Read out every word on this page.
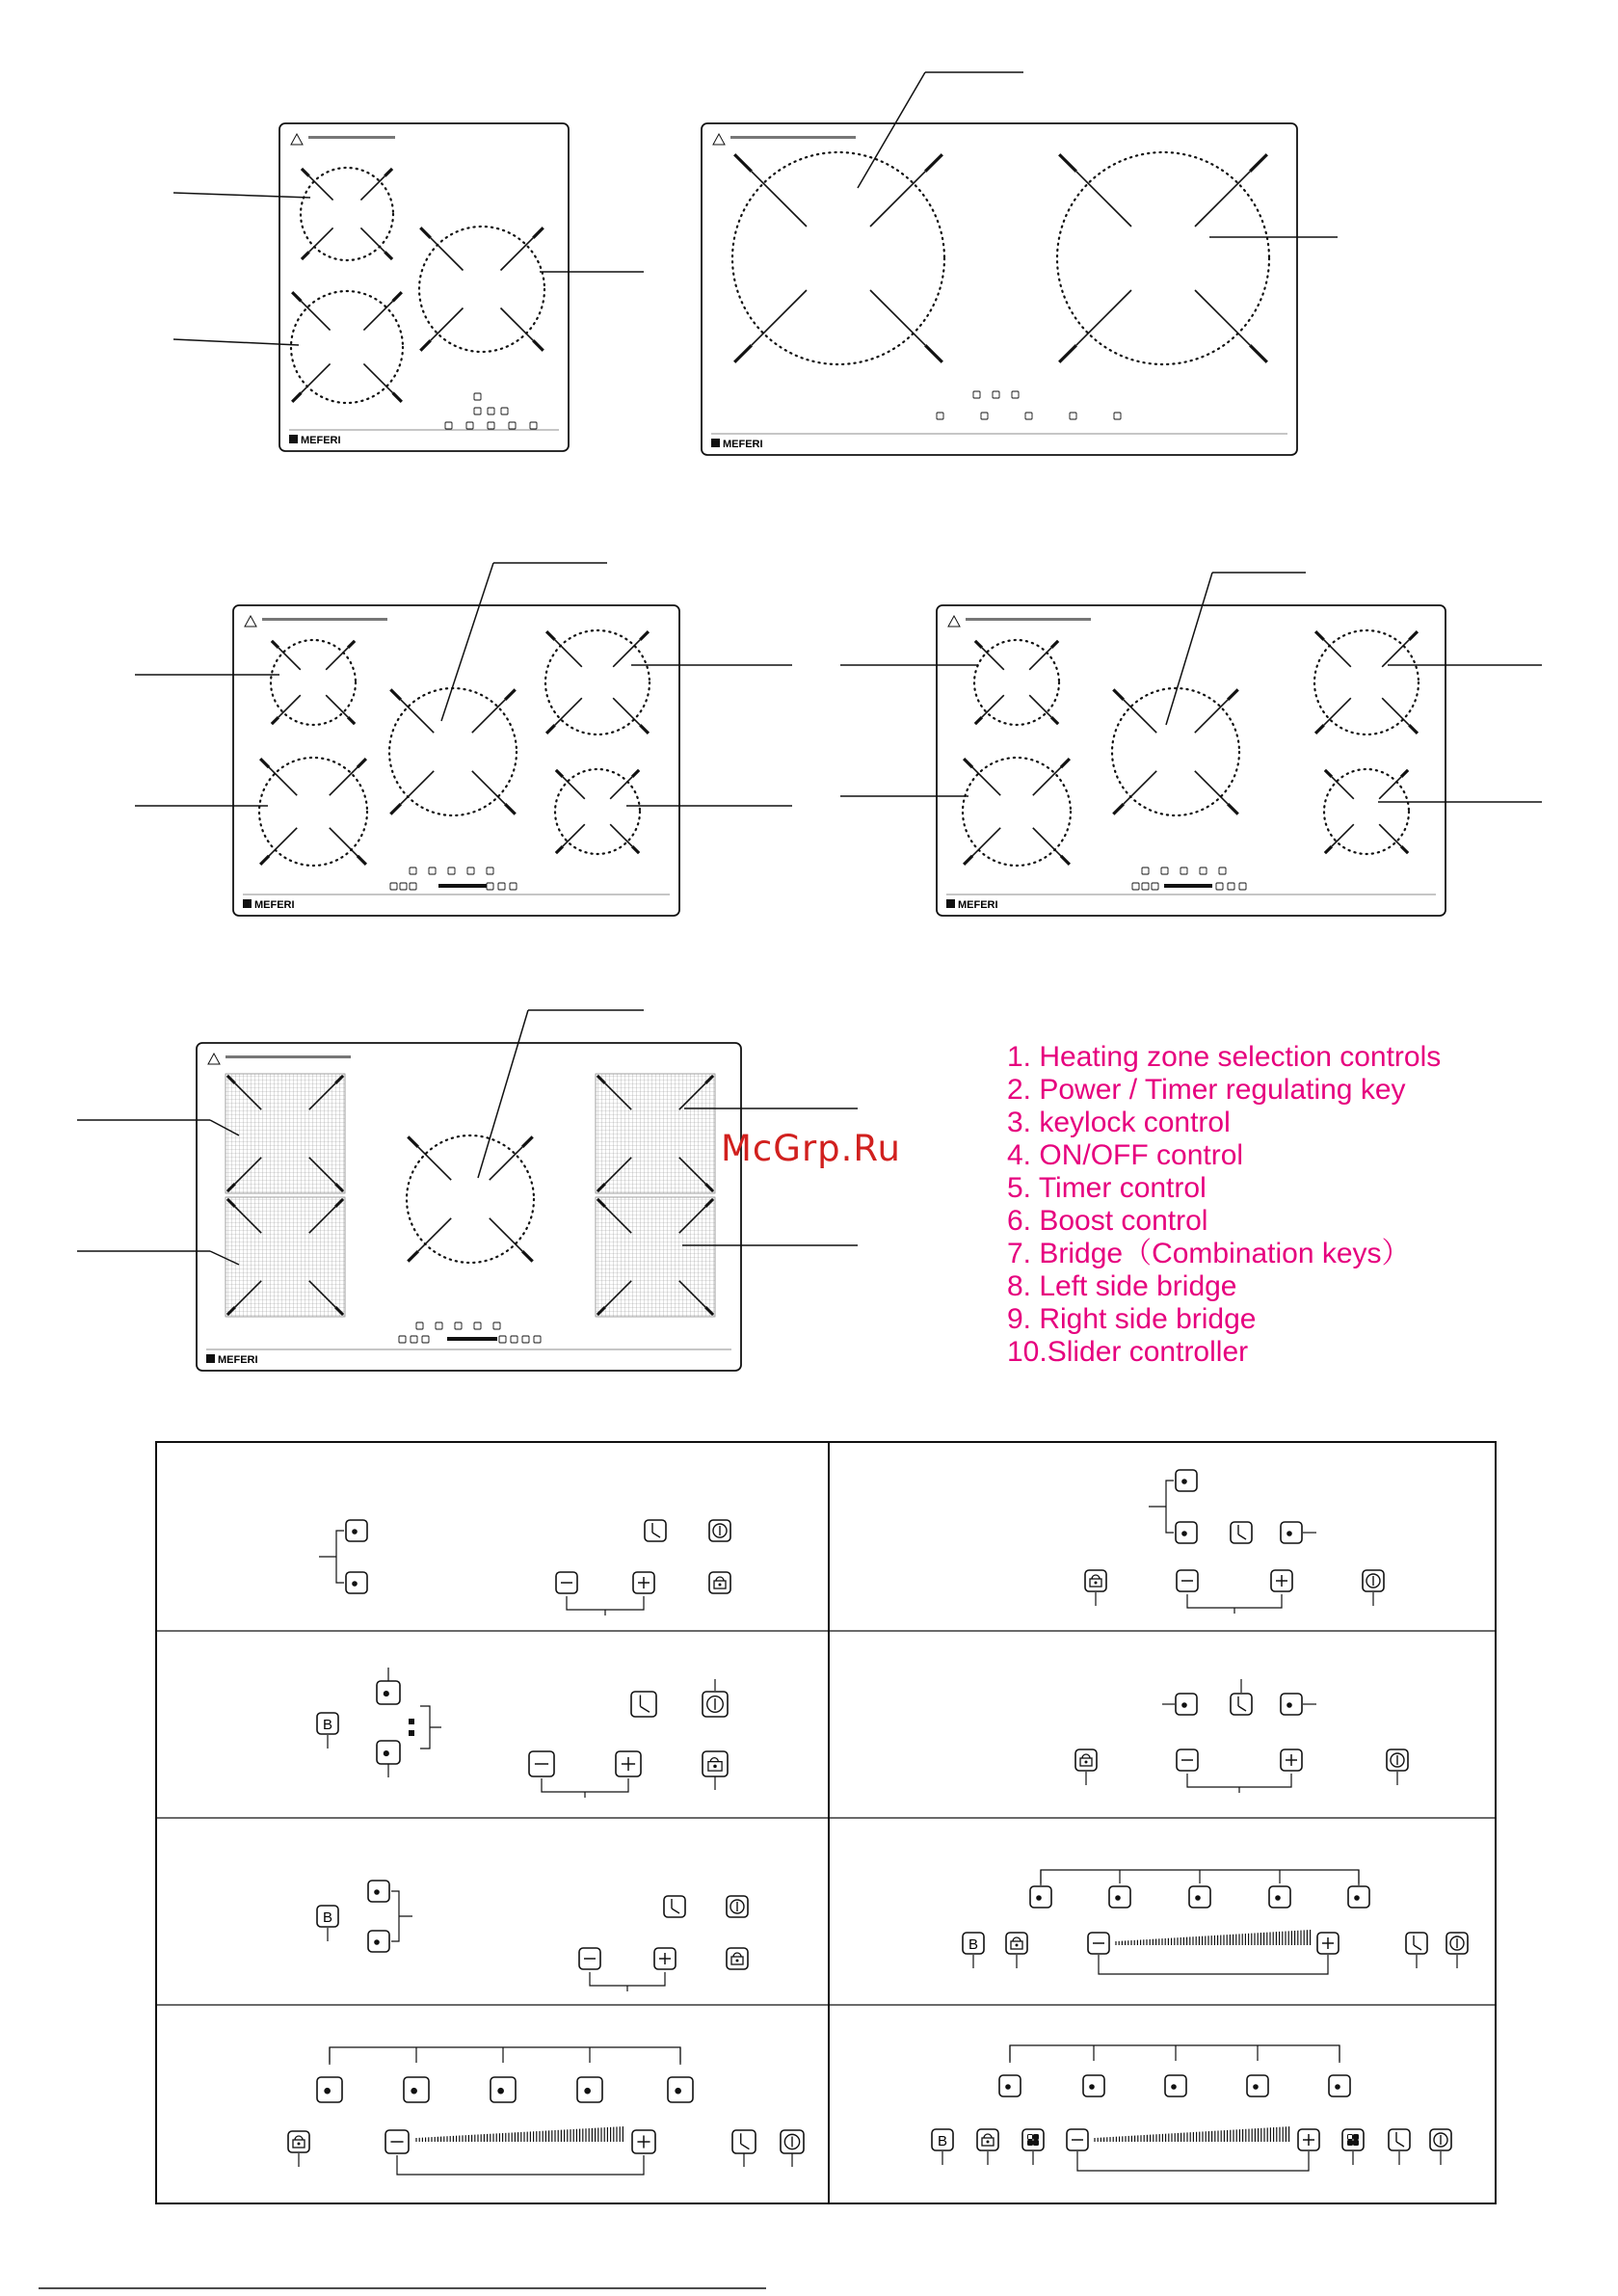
MEFERI	MEFERI
MEFERI	MEFERI
MEFERI
B
B
B
B
1. Heating zone selection controls
2. Power / Timer regulating key
3. keylock control
4. ON/OFF control
5. Timer control
6. Boost control
7. Bridge（Combination keys）
8. Left side bridge
9. Right side bridge
10.Slider controller
McGrp.Ru
